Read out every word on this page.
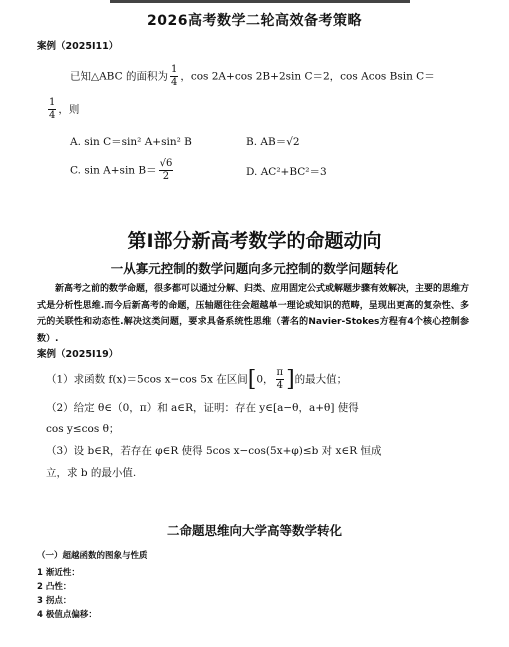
2026高考数学二轮高效备考策略
案例（2025Ⅰ11）
已知△ABC 的面积为 $\frac{1}{4}$ ，cos 2A+cos 2B+2sin C＝2，cos Acos Bsin C＝
$\frac{1}{4}$ ，则
A. sin C＝sin² A+sin² B	B. AB＝√2
C. sin A+sin $B= \frac{√6}{2}$	D. AC²+BC²＝3
第Ⅰ部分新高考数学的命题动向
一从寡元控制的数学问题向多元控制的数学问题转化
新高考之前的数学命题，很多都可以通过分解、归类、应用固定公式或解题步骤有效解决，主要的思维方式是分析性思维.而今后新高考的命题，压轴题往往会超越单一理论或知识的范畴，呈现出更高的复杂性、多元的关联性和动态性.解决这类问题，要求具备系统性思维（著名的Navier-Stokes方程有4个核心控制参数）.
案例（2025Ⅰ19）
（1）求函数 f(x)＝5cos x−cos 5x 在区间[0， $\frac{\pi}{4}$ ]的最大值；
（2）给定 θ∈（0，π）和 a∈R，证明：存在 y∈[a−θ，a+θ] 使得
cos y≤cos θ；
（3）设 b∈R，若存在 φ∈R 使得 5cos x−cos(5x+φ)≤b 对 x∈R 恒成
立，求 b 的最小值.
二命题思维向大学高等数学转化
（一）超越函数的图象与性质
1 渐近性：
2 凸性：
3 拐点：
4 极值点偏移：
